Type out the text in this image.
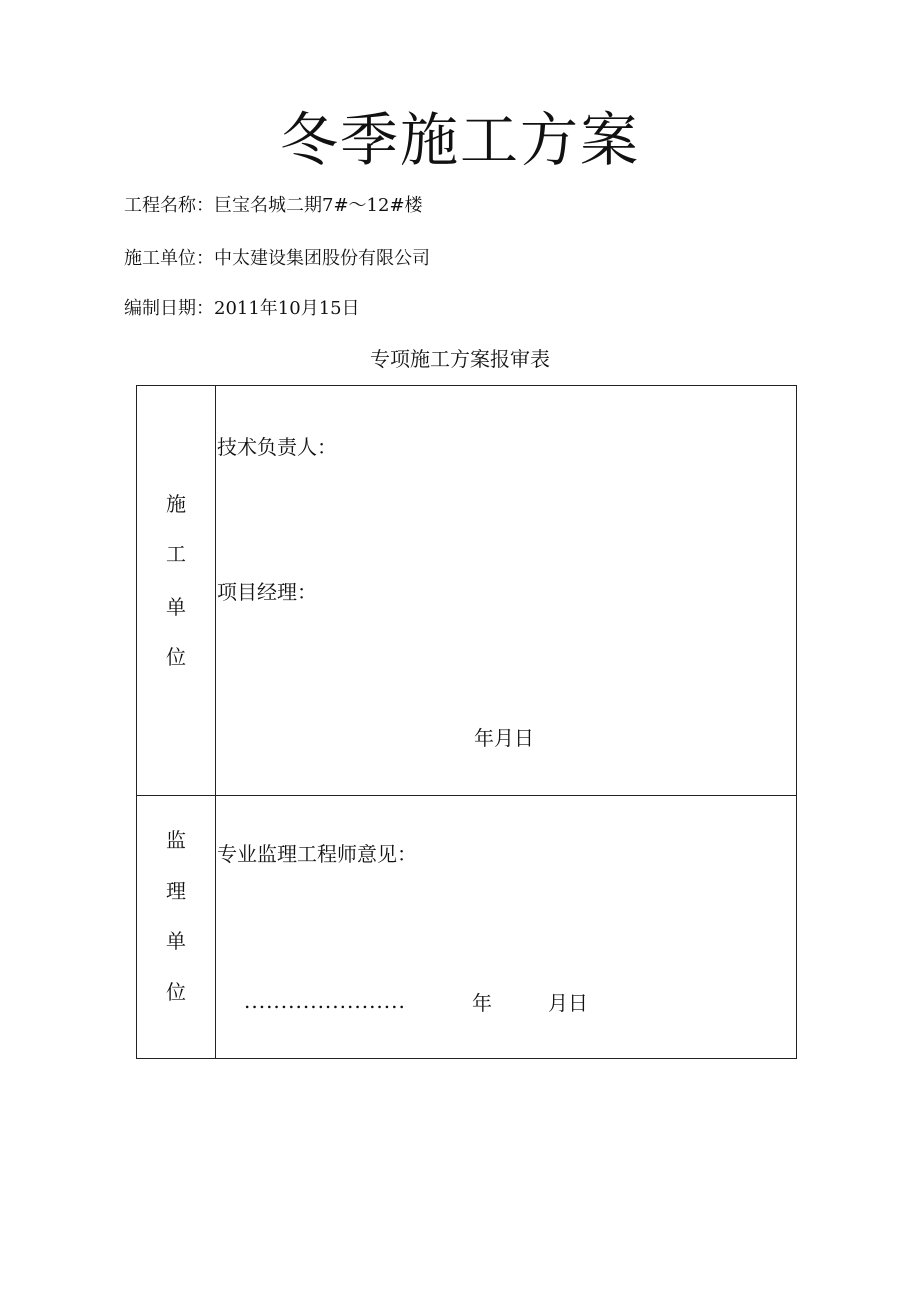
冬季施工方案
工程名称：巨宝名城二期7#～12#楼
施工单位：中太建设集团股份有限公司
编制日期：2011年10月15日
专项施工方案报审表
施
工
单
位
技术负责人：
项目经理：
年月日
监
理
单
位
专业监理工程师意见：
......................	年	月日
